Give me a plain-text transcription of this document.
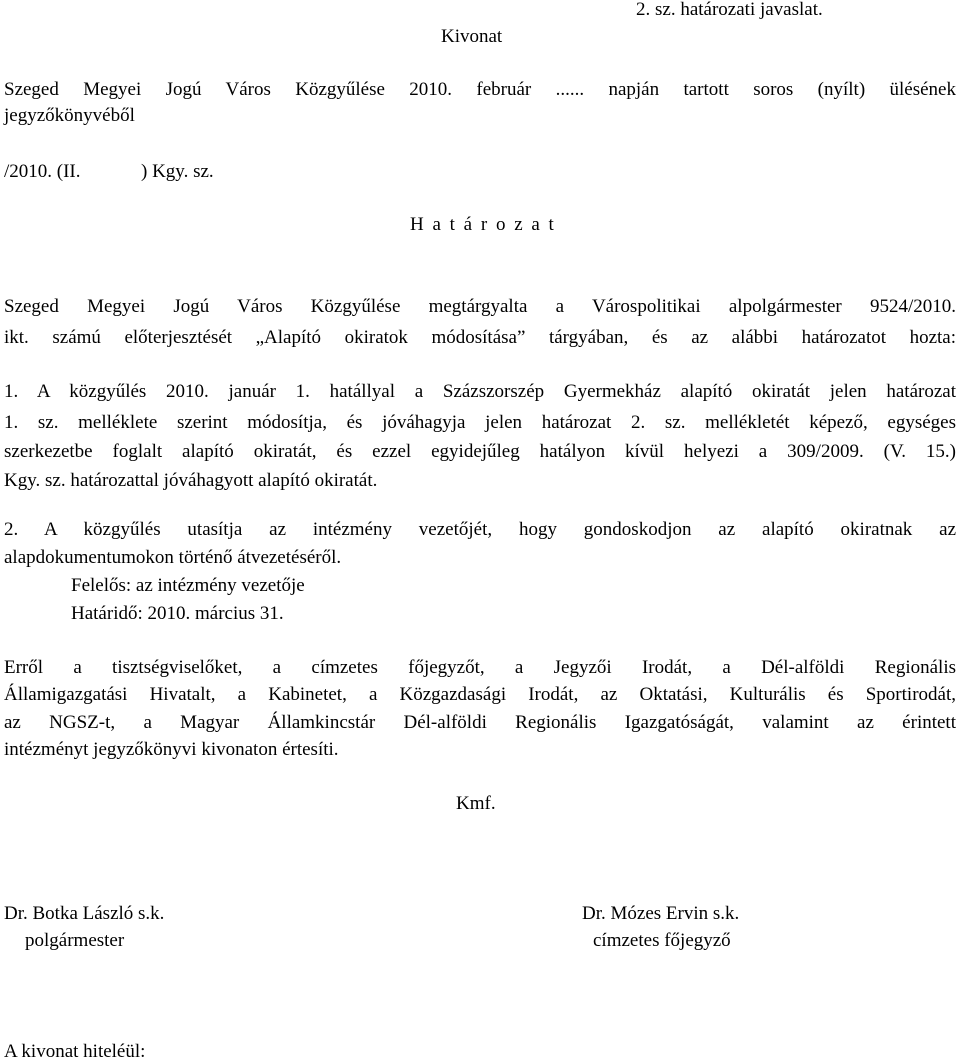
2. sz. határozati javaslat.
Kivonat
Szeged Megyei Jogú Város Közgyűlése 2010. február ...... napján tartott soros (nyílt) ülésének
jegyzőkönyvéből
/2010. (II.	) Kgy. sz.
H a t á r o z a t
Szeged Megyei Jogú Város Közgyűlése megtárgyalta a Várospolitikai alpolgármester 9524/2010.
ikt. számú előterjesztését „Alapító okiratok módosítása” tárgyában, és az alábbi határozatot hozta:
1. A közgyűlés 2010. január 1. hatállyal a Százszorszép Gyermekház alapító okiratát jelen határozat
1. sz. melléklete szerint módosítja, és jóváhagyja jelen határozat 2. sz. mellékletét képező, egységes
szerkezetbe foglalt alapító okiratát, és ezzel egyidejűleg hatályon kívül helyezi a 309/2009. (V. 15.)
Kgy. sz. határozattal jóváhagyott alapító okiratát.
2. A közgyűlés utasítja az intézmény vezetőjét, hogy gondoskodjon az alapító okiratnak az
alapdokumentumokon történő átvezetéséről.
Felelős: az intézmény vezetője
Határidő: 2010. március 31.
Erről a tisztségviselőket, a címzetes főjegyzőt, a Jegyzői Irodát, a Dél-alföldi Regionális
Államigazgatási Hivatalt, a Kabinetet, a Közgazdasági Irodát, az Oktatási, Kulturális és Sportirodát,
az NGSZ-t, a Magyar Államkincstár Dél-alföldi Regionális Igazgatóságát, valamint az érintett
intézményt jegyzőkönyvi kivonaton értesíti.
Kmf.
Dr. Botka László s.k.
polgármester
Dr. Mózes Ervin s.k.
címzetes főjegyző
A kivonat hiteléül:
